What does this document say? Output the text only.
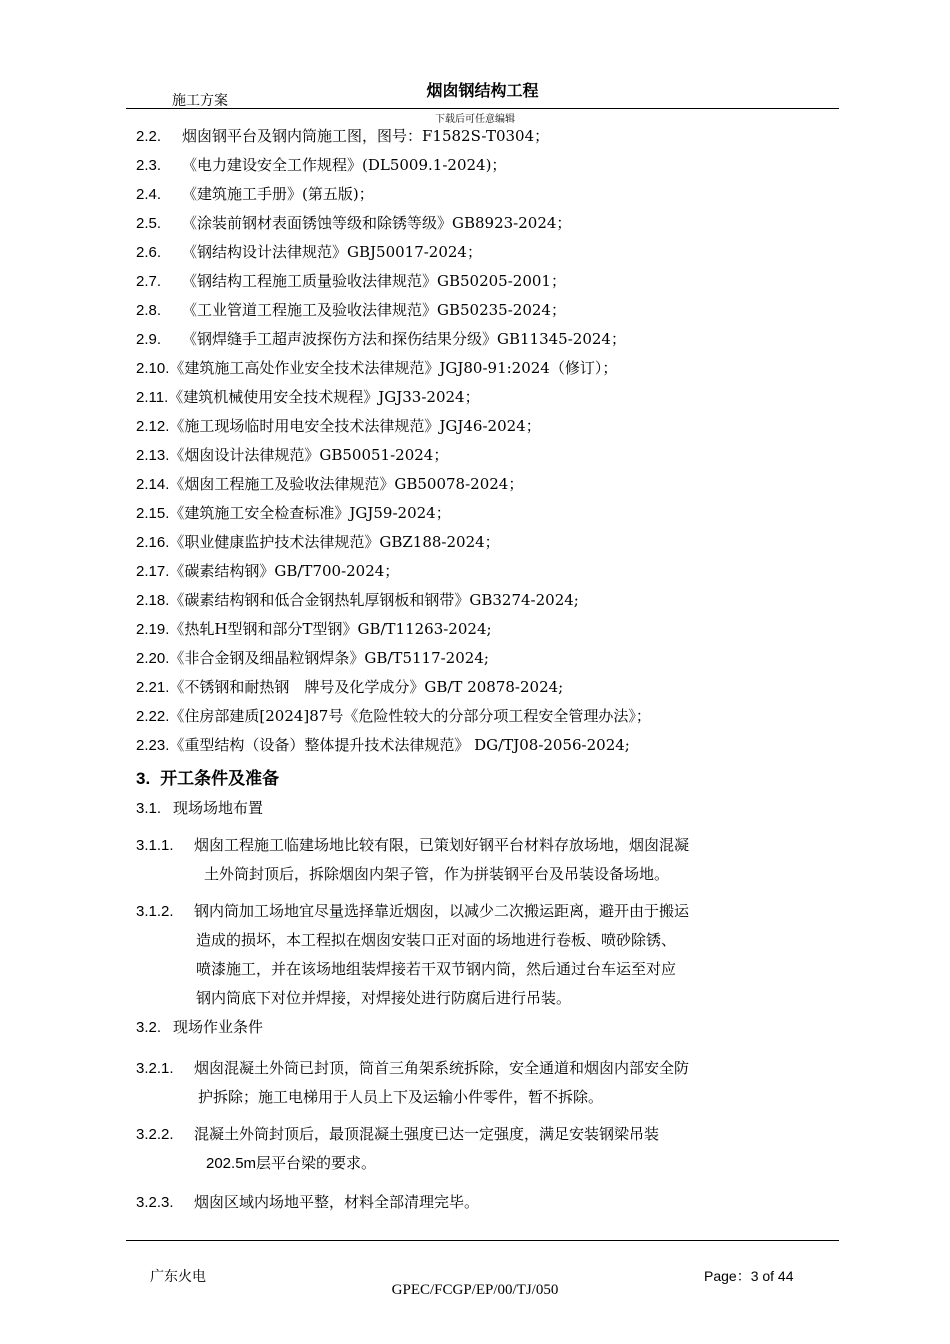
施工方案
烟囱钢结构工程
下载后可任意编辑
2.2. 烟囱钢平台及钢内筒施工图，图号：F1582S-T0304；
2.3. 《电力建设安全工作规程》(DL5009.1-2024)；
2.4. 《建筑施工手册》(第五版)；
2.5. 《涂装前钢材表面锈蚀等级和除锈等级》GB8923-2024；
2.6. 《钢结构设计法律规范》GBJ50017-2024；
2.7. 《钢结构工程施工质量验收法律规范》GB50205-2001；
2.8. 《工业管道工程施工及验收法律规范》GB50235-2024；
2.9. 《钢焊缝手工超声波探伤方法和探伤结果分级》GB11345-2024；
2.10.《建筑施工高处作业安全技术法律规范》JGJ80-91:2024（修订）；
2.11.《建筑机械使用安全技术规程》JGJ33-2024；
2.12.《施工现场临时用电安全技术法律规范》JGJ46-2024；
2.13.《烟囱设计法律规范》GB50051-2024；
2.14.《烟囱工程施工及验收法律规范》GB50078-2024；
2.15.《建筑施工安全检查标准》JGJ59-2024；
2.16.《职业健康监护技术法律规范》GBZ188-2024；
2.17.《碳素结构钢》GB/T700-2024；
2.18.《碳素结构钢和低合金钢热轧厚钢板和钢带》GB3274-2024;
2.19.《热轧H型钢和部分T型钢》GB/T11263-2024;
2.20.《非合金钢及细晶粒钢焊条》GB/T5117-2024;
2.21.《不锈钢和耐热钢　牌号及化学成分》GB/T 20878-2024;
2.22.《住房部建质[2024]87号《危险性较大的分部分项工程安全管理办法》；
2.23.《重型结构（设备）整体提升技术法律规范》 DG/TJ08-2056-2024;
3. 开工条件及准备
3.1. 现场场地布置
3.1.1. 烟囱工程施工临建场地比较有限，已策划好钢平台材料存放场地，烟囱混凝
土外筒封顶后，拆除烟囱内架子管，作为拼装钢平台及吊装设备场地。
3.1.2. 钢内筒加工场地宜尽量选择靠近烟囱，以减少二次搬运距离，避开由于搬运
造成的损坏，本工程拟在烟囱安装口正对面的场地进行卷板、喷砂除锈、
喷漆施工，并在该场地组装焊接若干双节钢内筒，然后通过台车运至对应
钢内筒底下对位并焊接，对焊接处进行防腐后进行吊装。
3.2. 现场作业条件
3.2.1. 烟囱混凝土外筒已封顶，筒首三角架系统拆除，安全通道和烟囱内部安全防
护拆除；施工电梯用于人员上下及运输小件零件，暂不拆除。
3.2.2. 混凝土外筒封顶后，最顶混凝土强度已达一定强度，满足安装钢梁吊装
202.5m层平台梁的要求。
3.2.3. 烟囱区域内场地平整，材料全部清理完毕。
广东火电	Page：3 of 44
GPEC/FCGP/EP/00/TJ/050
